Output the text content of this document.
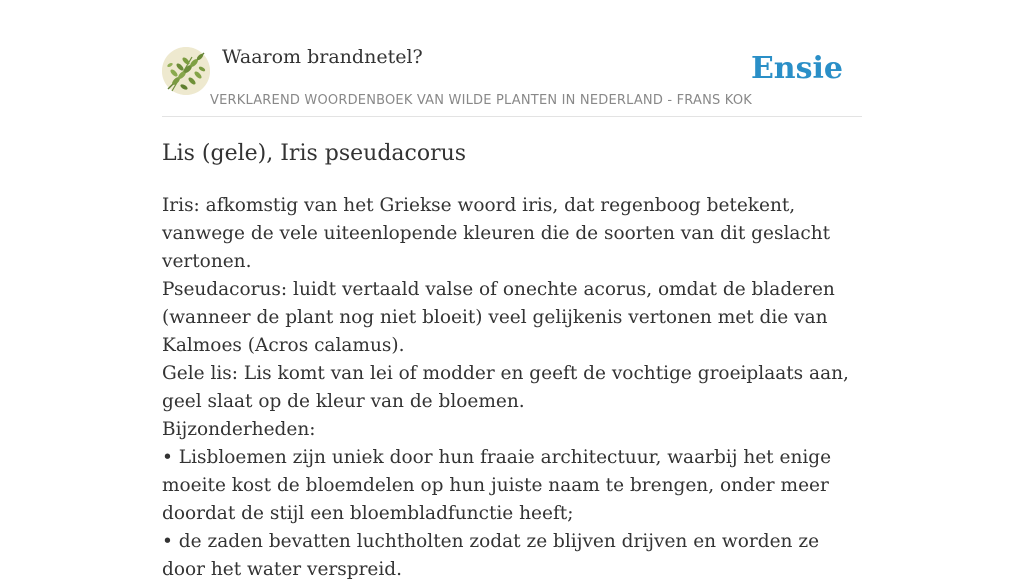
Waarom brandnetel?
VERKLAREND WOORDENBOEK VAN WILDE PLANTEN IN NEDERLAND - FRANS KOK
Ensie
Lis (gele), Iris pseudacorus

Iris: afkomstig van het Griekse woord iris, dat regenboog betekent, vanwege de vele uiteenlopende kleuren die de soorten van dit geslacht vertonen.

Pseudacorus: luidt vertaald valse of onechte acorus, omdat de bladeren (wanneer de plant nog niet bloeit) veel gelijkenis vertonen met die van Kalmoes (Acros calamus).

Gele lis: Lis komt van lei of modder en geeft de vochtige groeiplaats aan, geel slaat op de kleur van de bloemen.

Bijzonderheden:

• Lisbloemen zijn uniek door hun fraaie architectuur, waarbij het enige moeite kost de bloemdelen op hun juiste naam te brengen, onder meer doordat de stijl een bloembladfunctie heeft;

• de zaden bevatten luchtholten zodat ze blijven drijven en worden ze door het water verspreid.
